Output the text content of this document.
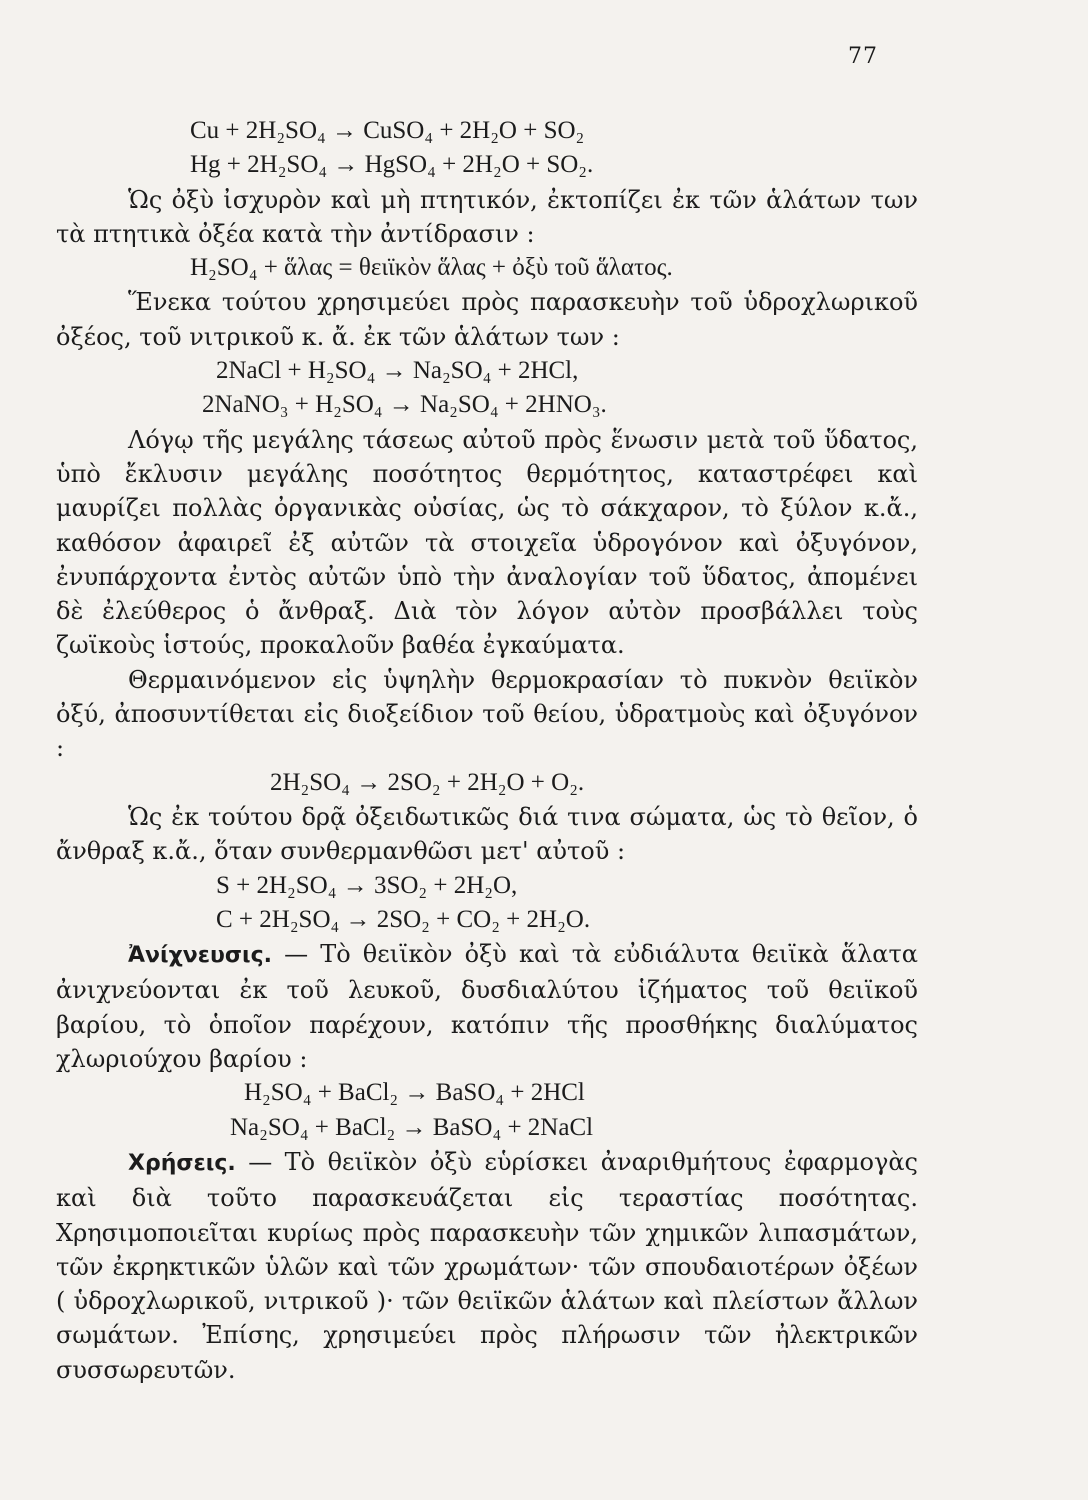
77

Cu + 2H₂SO₄ → CuSO₄ + 2H₂O + SO₂

Hg + 2H₂SO₄ → HgSO₄ + 2H₂O + SO₂.

Ὡς ὀξὺ ἰσχυρὸν καὶ μὴ πτητικόν, ἐκτοπίζει ἐκ τῶν ἁλάτων των τὰ πτητικὰ ὀξέα κατὰ τὴν ἀντίδρασιν :

H₂SO₄ + ἅλας = θειϊκὸν ἅλας + ὀξὺ τοῦ ἅλατος.

Ἕνεκα τούτου χρησιμεύει πρὸς παρασκευὴν τοῦ ὑδροχλωρικοῦ ὀξέος, τοῦ νιτρικοῦ κ. ἄ. ἐκ τῶν ἁλάτων των :

2NaCl + H₂SO₄ → Na₂SO₄ + 2HCl,

2NaNO₃ + H₂SO₄ → Na₂SO₄ + 2HNO₃.

Λόγῳ τῆς μεγάλης τάσεως αὐτοῦ πρὸς ἕνωσιν μετὰ τοῦ ὕδατος, ὑπὸ ἔκλυσιν μεγάλης ποσότητος θερμότητος, καταστρέφει καὶ μαυρίζει πολλὰς ὀργανικὰς οὐσίας, ὡς τὸ σάκχαρον, τὸ ξύλον κ.ἄ., καθόσον ἀφαιρεῖ ἐξ αὐτῶν τὰ στοιχεῖα ὑδρογόνον καὶ ὀξυγόνον, ἐνυπάρχοντα ἐντὸς αὐτῶν ὑπὸ τὴν ἀναλογίαν τοῦ ὕδατος, ἀπομένει δὲ ἐλεύθερος ὁ ἄνθραξ. Διὰ τὸν λόγον αὐτὸν προσβάλλει τοὺς ζωϊκοὺς ἱστούς, προκαλοῦν βαθέα ἐγκαύματα.

Θερμαινόμενον εἰς ὑψηλὴν θερμοκρασίαν τὸ πυκνὸν θειϊκὸν ὀξύ, ἀποσυντίθεται εἰς διοξείδιον τοῦ θείου, ὑδρατμοὺς καὶ ὀξυγόνον :

2H₂SO₄ → 2SO₂ + 2H₂O + O₂.

Ὡς ἐκ τούτου δρᾷ ὀξειδωτικῶς διά τινα σώματα, ὡς τὸ θεῖον, ὁ ἄνθραξ κ.ἄ., ὅταν συνθερμανθῶσι μετ' αὐτοῦ :

S + 2H₂SO₄ → 3SO₂ + 2H₂O,

C + 2H₂SO₄ → 2SO₂ + CO₂ + 2H₂O.

Ἀνίχνευσις. — Τὸ θειϊκὸν ὀξὺ καὶ τὰ εὐδιάλυτα θειϊκὰ ἅλατα ἀνιχνεύονται ἐκ τοῦ λευκοῦ, δυσδιαλύτου ἱζήματος τοῦ θειϊκοῦ βαρίου, τὸ ὁποῖον παρέχουν, κατόπιν τῆς προσθήκης διαλύματος χλωριούχου βαρίου :

H₂SO₄ + BaCl₂ → BaSO₄ + 2HCl

Na₂SO₄ + BaCl₂ → BaSO₄ + 2NaCl

Χρήσεις. — Τὸ θειϊκὸν ὀξὺ εὑρίσκει ἀναριθμήτους ἐφαρμογὰς καὶ διὰ τοῦτο παρασκευάζεται εἰς τεραστίας ποσότητας. Χρησιμοποιεῖται κυρίως πρὸς παρασκευὴν τῶν χημικῶν λιπασμάτων, τῶν ἐκρηκτικῶν ὑλῶν καὶ τῶν χρωμάτων· τῶν σπουδαιοτέρων ὀξέων ( ὑδροχλωρικοῦ, νιτρικοῦ )· τῶν θειϊκῶν ἁλάτων καὶ πλείστων ἄλλων σωμάτων. Ἐπίσης, χρησιμεύει πρὸς πλήρωσιν τῶν ἠλεκτρικῶν συσσωρευτῶν.
